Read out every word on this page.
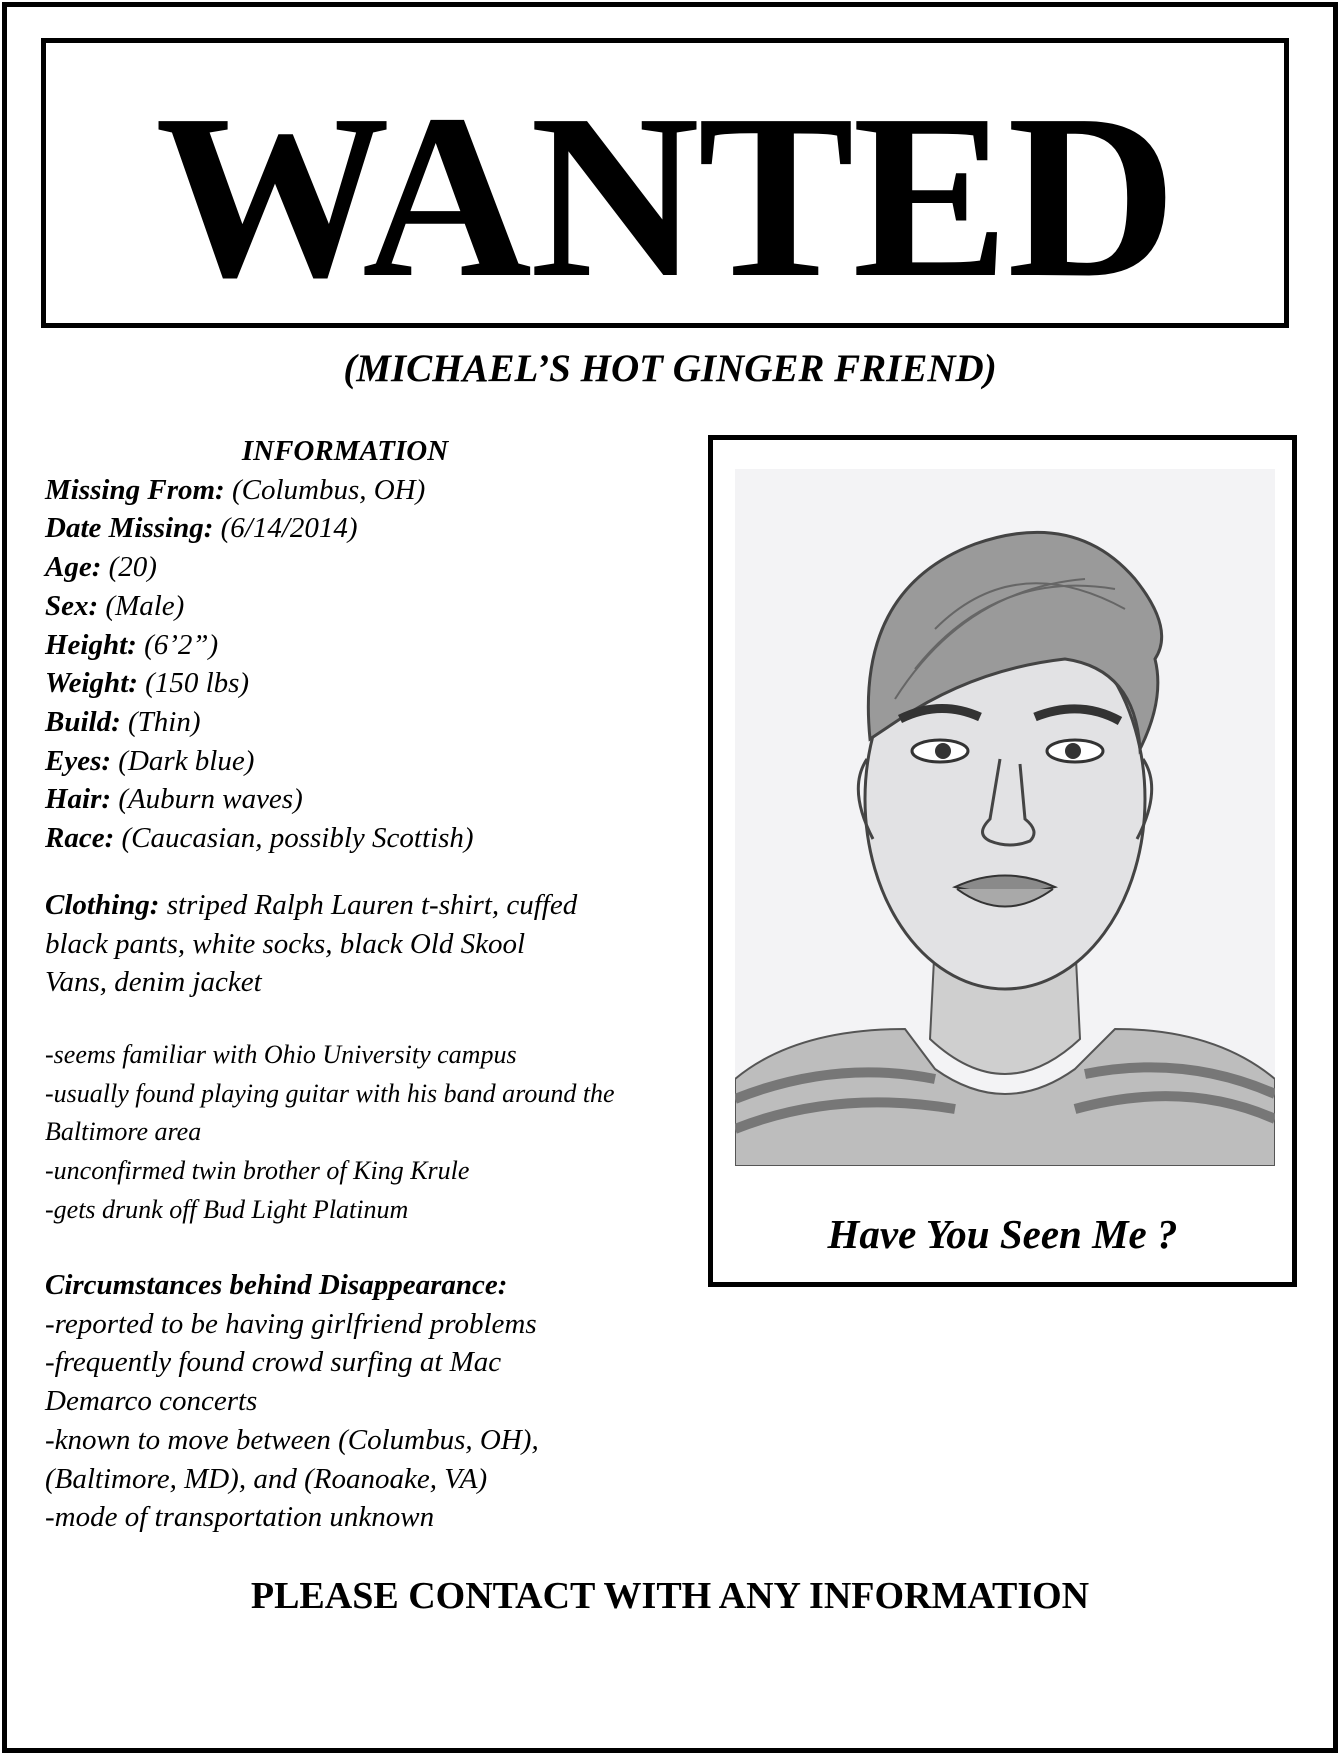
WANTED
(MICHAEL’S HOT GINGER FRIEND)
INFORMATION
Missing From: (Columbus, OH)
Date Missing: (6/14/2014)
Age: (20)
Sex: (Male)
Height: (6’2”)
Weight: (150 lbs)
Build: (Thin)
Eyes: (Dark blue)
Hair: (Auburn waves)
Race: (Caucasian, possibly Scottish)
Clothing: striped Ralph Lauren t-shirt, cuffed
black pants, white socks, black Old Skool
Vans, denim jacket
-seems familiar with Ohio University campus
-usually found playing guitar with his band around the
Baltimore area
-unconfirmed twin brother of King Krule
-gets drunk off Bud Light Platinum
Circumstances behind Disappearance:
-reported to be having girlfriend problems
-frequently found crowd surfing at Mac
Demarco concerts
-known to move between (Columbus, OH),
(Baltimore, MD), and (Roanoake, VA)
-mode of transportation unknown
Have You Seen Me ?
PLEASE CONTACT WITH ANY INFORMATION
